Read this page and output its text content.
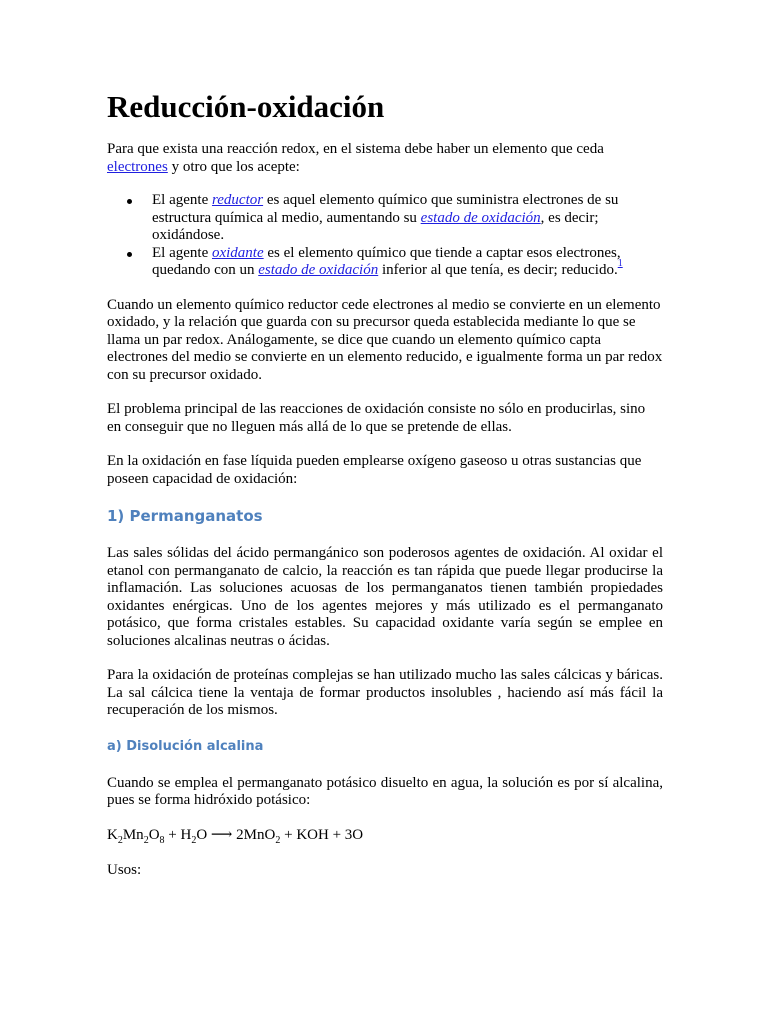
Reducción-oxidación

Para que exista una reacción redox, en el sistema debe haber un elemento que ceda electrones y otro que los acepte:

El agente reductor es aquel elemento químico que suministra electrones de su estructura química al medio, aumentando su estado de oxidación, es decir; oxidándose.
El agente oxidante es el elemento químico que tiende a captar esos electrones, quedando con un estado de oxidación inferior al que tenía, es decir; reducido.$^1$

Cuando un elemento químico reductor cede electrones al medio se convierte en un elemento oxidado, y la relación que guarda con su precursor queda establecida mediante lo que se llama un par redox. Análogamente, se dice que cuando un elemento químico capta electrones del medio se convierte en un elemento reducido, e igualmente forma un par redox con su precursor oxidado.

El problema principal de las reacciones de oxidación consiste no sólo en producirlas, sino en conseguir que no lleguen más allá de lo que se pretende de ellas.

En la oxidación en fase líquida pueden emplearse oxígeno gaseoso u otras sustancias que poseen capacidad de oxidación:

1) Permanganatos

Las sales sólidas del ácido permangánico son poderosos agentes de oxidación. Al oxidar el etanol con permanganato de calcio, la reacción es tan rápida que puede llegar producirse la inflamación. Las soluciones acuosas de los permanganatos tienen también propiedades oxidantes enérgicas. Uno de los agentes mejores y más utilizado es el permanganato potásico, que forma cristales estables. Su capacidad oxidante varía según se emplee en soluciones alcalinas neutras o ácidas.

Para la oxidación de proteínas complejas se han utilizado mucho las sales cálcicas y báricas. La sal cálcica tiene la ventaja de formar productos insolubles , haciendo así más fácil la recuperación de los mismos.

a) Disolución alcalina

Cuando se emplea el permanganato potásico disuelto en agua, la solución es por sí alcalina, pues se forma hidróxido potásico:

$K_2Mn_2O_8 + H_2O$ ⟶ 2MnO$_2$ + KOH + 3O

Usos:
